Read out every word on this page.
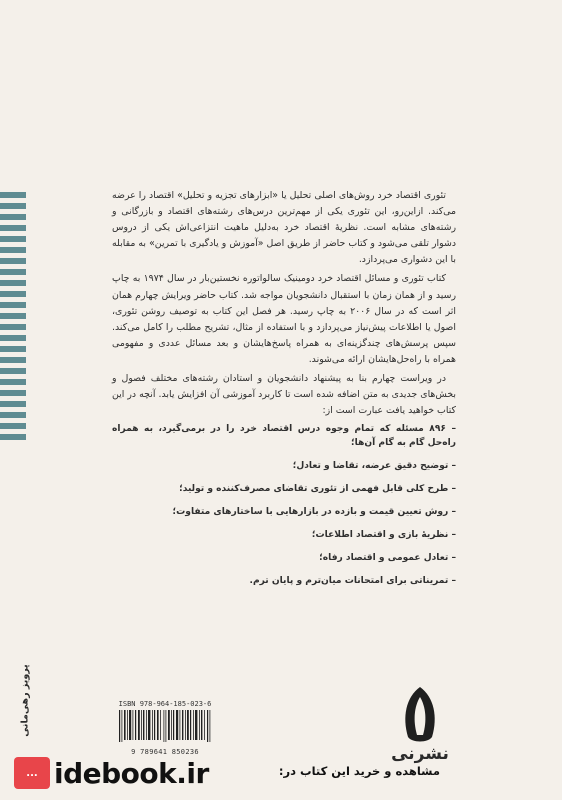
تئوری اقتصاد خرد روش‌های اصلی تحلیل یا «ابزارهای تجزیه و تحلیل» اقتصاد را عرضه می‌کند. ازاین‌رو، این تئوری یکی از مهم‌ترین درس‌های رشته‌های اقتصاد و بازرگانی و رشته‌های مشابه است. نظریهٔ اقتصاد خرد به‌دلیل ماهیت انتزاعی‌اش یکی از دروس دشوار تلقی می‌شود و کتاب حاضر از طریق اصل «آموزش و یادگیری با تمرین» به مقابله با این دشواری می‌پردازد.

کتاب تئوری و مسائل اقتصاد خرد دومینیک سالواتوره نخستین‌بار در سال ۱۹۷۴ به چاپ رسید و از همان زمان با استقبال دانشجویان مواجه شد. کتاب حاضر ویرایش چهارم همان اثر است که در سال ۲۰۰۶ به چاپ رسید. هر فصل این کتاب به توصیف روشن تئوری، اصول یا اطلاعات پیش‌نیاز می‌پردازد و با استفاده از مثال، تشریح مطلب را کامل می‌کند. سپس پرسش‌های چندگزینه‌ای به همراه پاسخ‌هایشان و بعد مسائل عددی و مفهومی همراه با راه‌حل‌هایشان ارائه می‌شوند.

در ویراست چهارم بنا به پیشنهاد دانشجویان و استادان رشته‌های مختلف فصول و بخش‌های جدیدی به متن اضافه شده است تا کاربرد آموزشی آن افزایش یابد. آنچه در این کتاب خواهید یافت عبارت است از:

– ۸۹۶ مسئله که تمام وجوه درس اقتصاد خرد را در برمی‌گیرد، به همراه راه‌حل گام به گام آن‌ها؛
– توضیح دقیق عرضه، تقاضا و تعادل؛
– طرح کلی قابل فهمی از تئوری تقاضای مصرف‌کننده و تولید؛
– روش تعیین قیمت و بازده در بازارهایی با ساختارهای متفاوت؛
– نظریهٔ بازی و اقتصاد اطلاعات؛
– تعادل عمومی و اقتصاد رفاه؛
– تمریناتی برای امتحانات میان‌ترم و پایان ترم.
پرویز رهی‌مانی	ISBN 978-964-185-023-6
9 789641 850236	نشرنی
... idebook.ir	مشاهده و خرید این کتاب در:
